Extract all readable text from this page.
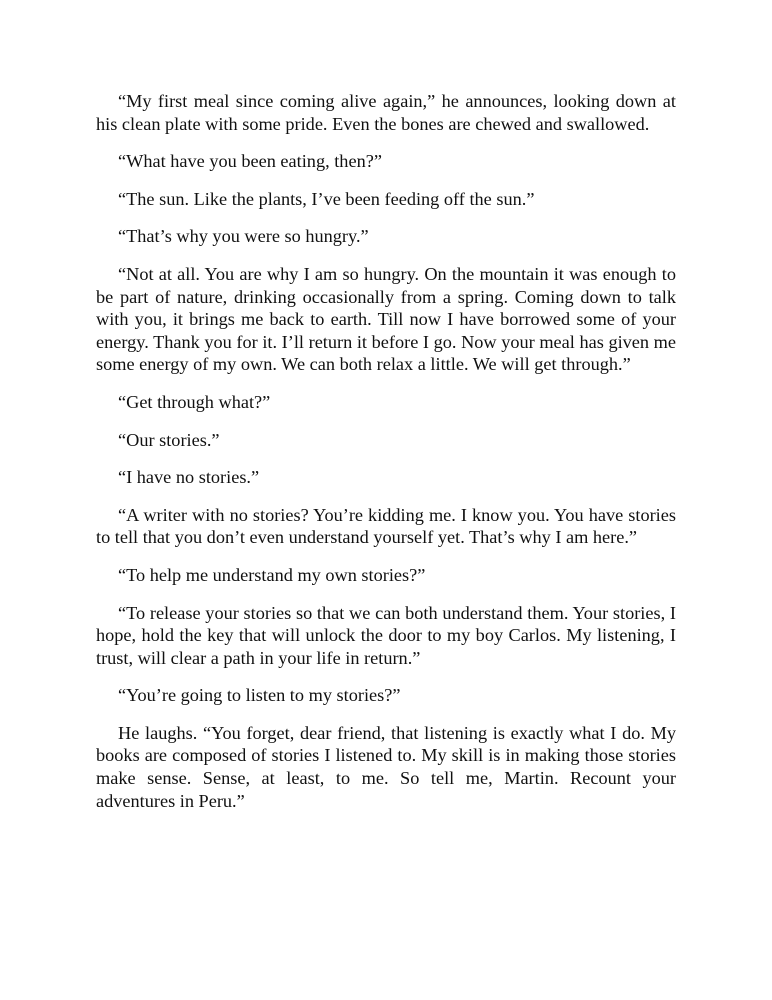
“My first meal since coming alive again,” he announces, looking down at his clean plate with some pride. Even the bones are chewed and swallowed.

“What have you been eating, then?”

“The sun. Like the plants, I’ve been feeding off the sun.”

“That’s why you were so hungry.”

“Not at all. You are why I am so hungry. On the mountain it was enough to be part of nature, drinking occasionally from a spring. Coming down to talk with you, it brings me back to earth. Till now I have borrowed some of your energy. Thank you for it. I’ll return it before I go. Now your meal has given me some energy of my own. We can both relax a little. We will get through.”

“Get through what?”

“Our stories.”

“I have no stories.”

“A writer with no stories? You’re kidding me. I know you. You have stories to tell that you don’t even understand yourself yet. That’s why I am here.”

“To help me understand my own stories?”

“To release your stories so that we can both understand them. Your stories, I hope, hold the key that will unlock the door to my boy Carlos. My listening, I trust, will clear a path in your life in return.”

“You’re going to listen to my stories?”

He laughs. “You forget, dear friend, that listening is exactly what I do. My books are composed of stories I listened to. My skill is in making those stories make sense. Sense, at least, to me. So tell me, Martin. Recount your adventures in Peru.”
